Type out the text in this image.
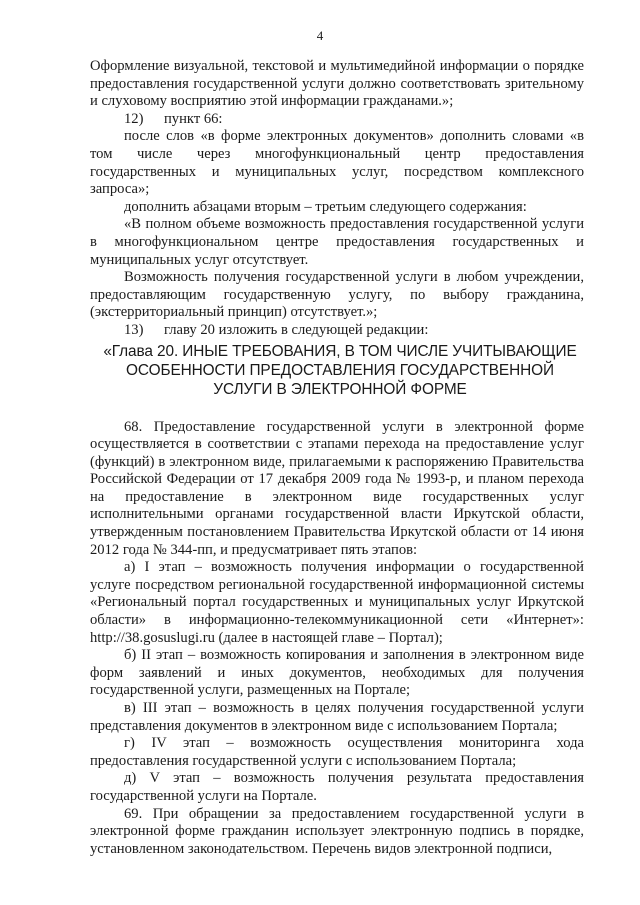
4

Оформление визуальной, текстовой и мультимедийной информации о порядке предоставления государственной услуги должно соответствовать зрительному и слуховому восприятию этой информации гражданами.»;

12) пункт 66:

после слов «в форме электронных документов» дополнить словами «в том числе через многофункциональный центр предоставления государственных и муниципальных услуг, посредством комплексного запроса»;

дополнить абзацами вторым – третьим следующего содержания:

«В полном объеме возможность предоставления государственной услуги в многофункциональном центре предоставления государственных и муниципальных услуг отсутствует.

Возможность получения государственной услуги в любом учреждении, предоставляющим государственную услугу, по выбору гражданина, (экстерриториальный принцип) отсутствует.»;

13) главу 20 изложить в следующей редакции:

«Глава 20. ИНЫЕ ТРЕБОВАНИЯ, В ТОМ ЧИСЛЕ УЧИТЫВАЮЩИЕ
ОСОБЕННОСТИ ПРЕДОСТАВЛЕНИЯ ГОСУДАРСТВЕННОЙ
УСЛУГИ В ЭЛЕКТРОННОЙ ФОРМЕ

68. Предоставление государственной услуги в электронной форме осуществляется в соответствии с этапами перехода на предоставление услуг (функций) в электронном виде, прилагаемыми к распоряжению Правительства Российской Федерации от 17 декабря 2009 года № 1993-р, и планом перехода на предоставление в электронном виде государственных услуг исполнительными органами государственной власти Иркутской области, утвержденным постановлением Правительства Иркутской области от 14 июня 2012 года № 344-пп, и предусматривает пять этапов:

а) I этап – возможность получения информации о государственной услуге посредством региональной государственной информационной системы «Региональный портал государственных и муниципальных услуг Иркутской области» в информационно-телекоммуникационной сети «Интернет»: http://38.gosuslugi.ru (далее в настоящей главе – Портал);

б) II этап – возможность копирования и заполнения в электронном виде форм заявлений и иных документов, необходимых для получения государственной услуги, размещенных на Портале;

в) III этап – возможность в целях получения государственной услуги представления документов в электронном виде с использованием Портала;

г) IV этап – возможность осуществления мониторинга хода предоставления государственной услуги с использованием Портала;

д) V этап – возможность получения результата предоставления государственной услуги на Портале.

69. При обращении за предоставлением государственной услуги в электронной форме гражданин использует электронную подпись в порядке, установленном законодательством. Перечень видов электронной подписи,
